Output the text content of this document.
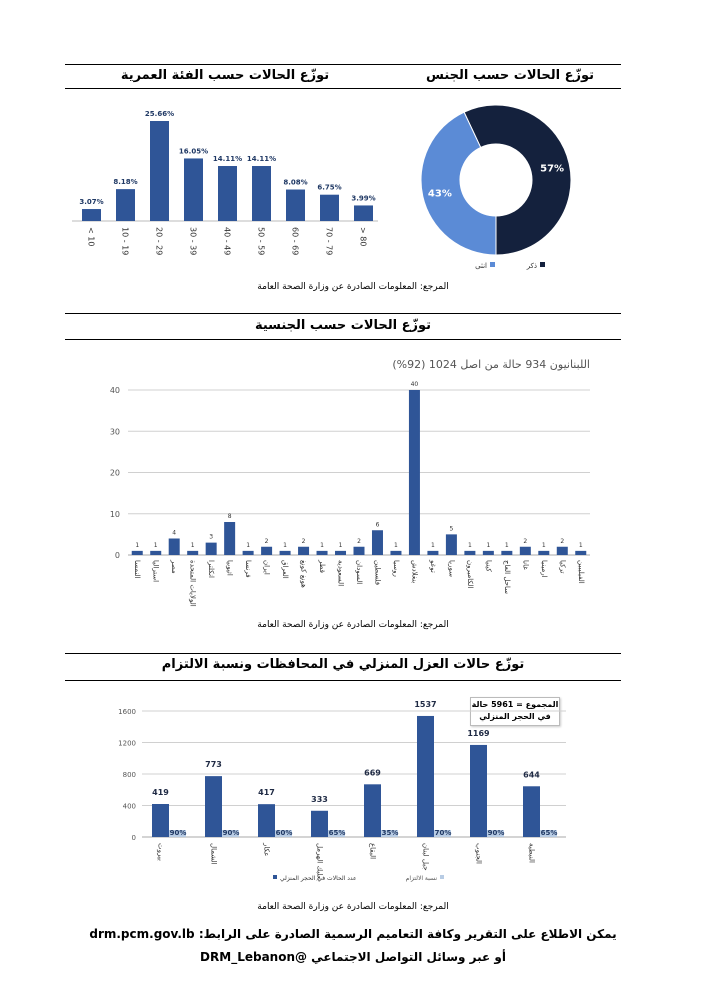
توزّع الحالات حسب الفئة العمرية	توزّع الحالات حسب الجنس
المرجع: المعلومات الصادرة عن وزارة الصحة العامة
توزّع الحالات حسب الجنسية
اللبنانيون 934 حالة من اصل 1024 (92%)
المرجع: المعلومات الصادرة عن وزارة الصحة العامة
توزّع حالات العزل المنزلي في المحافظات ونسبة الالتزام
المجموع = 5961 حالة في الحجر المنزلي
المرجع: المعلومات الصادرة عن وزارة الصحة العامة
يمكن الاطلاع على التقرير وكافة التعاميم الرسمية الصادرة على الرابط: drm.pcm.gov.lb
أو عبر وسائل التواصل الاجتماعي @DRM_Lebanon
3.07%
< 10
8.18%
10 - 19
25.66%
20 - 29
16.05%
30 - 39
14.11%
40 - 49
14.11%
50 - 59
8.08%
60 - 69
6.75%
70 - 79
3.99%
> 80
57%
43%
ذكر
انثى
0
10
20
30
40
1
النمسا
1
استراليا
4
مصر
1
الولايات المتحدة
3
انكلترا
8
اثيوبيا
1
فرنسا
2
ايران
1
العراق
2
هونغ كونغ
1
قطر
1
السعودية
2
السودان
6
فلسطين
1
روسيا
40
بنغلادش
1
توغو
5
سوريا
1
الكاميرون
1
كينيا
1
ساحل العاج
2
غانا
1
ارمينيا
2
تركيا
1
الفيليبين
0
400
800
1200
1600
419
90%
بيروت
773
90%
الشمال
417
60%
عكار
333
65%
بعلبك الهرمل
669
35%
البقاع
1537
70%
جبل لبنان
1169
90%
الجنوب
644
65%
النبطية
عدد الحالات في الحجر المنزلي	نسبة الالتزام
